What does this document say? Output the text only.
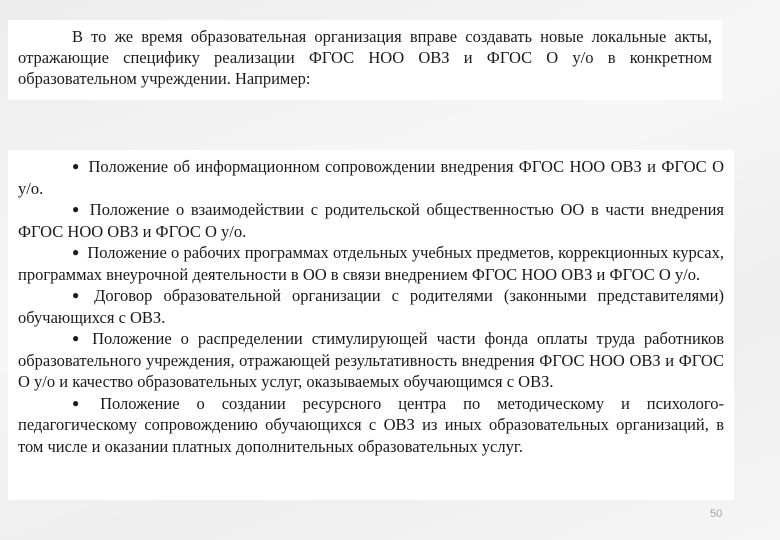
В то же время образовательная организация вправе создавать новые локальные акты, отражающие специфику реализации ФГОС НОО ОВЗ и ФГОС О у/о в конкретном образовательном учреждении. Например:

● Положение об информационном сопровождении внедрения ФГОС НОО ОВЗ и ФГОС О у/о.

● Положение о взаимодействии с родительской общественностью ОО в части внедрения ФГОС НОО ОВЗ и ФГОС О у/о.

● Положение о рабочих программах отдельных учебных предметов, коррекционных курсах, программах внеурочной деятельности в ОО в связи внедрением ФГОС НОО ОВЗ и ФГОС О у/о.

● Договор образовательной организации с родителями (законными представителями) обучающихся с ОВЗ.

● Положение о распределении стимулирующей части фонда оплаты труда работников образовательного учреждения, отражающей результативность внедрения ФГОС НОО ОВЗ и ФГОС О у/о и качество образовательных услуг, оказываемых обучающимся с ОВЗ.

● Положение о создании ресурсного центра по методическому и психолого-педагогическому сопровождению обучающихся с ОВЗ из иных образовательных организаций, в том числе и оказании платных дополнительных образовательных услуг.

50
